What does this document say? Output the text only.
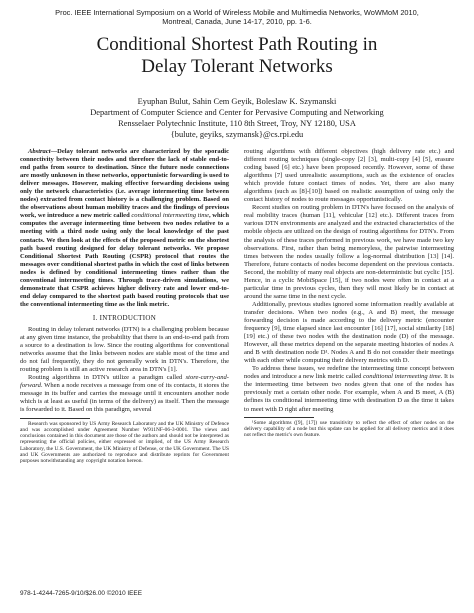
Proc. IEEE International Symposium on a World of Wireless Mobile and Multimedia Networks, WoWMoM 2010,
Montreal, Canada, June 14-17, 2010, pp. 1-6.
Conditional Shortest Path Routing in
Delay Tolerant Networks
Eyuphan Bulut, Sahin Cem Geyik, Boleslaw K. Szymanski
Department of Computer Science and Center for Pervasive Computing and Networking
Rensselaer Polytechnic Institute, 110 8th Street, Troy, NY 12180, USA
{bulute, geyiks, szymansk}@cs.rpi.edu

Abstract—Delay tolerant networks are characterized by the sporadic connectivity between their nodes and therefore the lack of stable end-to-end paths from source to destination. Since the future node connections are mostly unknown in these networks, opportunistic forwarding is used to deliver messages. However, making effective forwarding decisions using only the network characteristics (i.e. average intermeeting time between nodes) extracted from contact history is a challenging problem. Based on the observations about human mobility traces and the findings of previous work, we introduce a new metric called conditional intermeeting time, which computes the average intermeeting time between two nodes relative to a meeting with a third node using only the local knowledge of the past contacts. We then look at the effects of the proposed metric on the shortest path based routing designed for delay tolerant networks. We propose Conditional Shortest Path Routing (CSPR) protocol that routes the messages over conditional shortest paths in which the cost of links between nodes is defined by conditional intermeeting times rather than the conventional intermeeting times. Through trace-driven simulations, we demonstrate that CSPR achieves higher delivery rate and lower end-to-end delay compared to the shortest path based routing protocols that use the conventional intermeeting time as the link metric.

I. INTRODUCTION

Routing in delay tolerant networks (DTN) is a challenging problem because at any given time instance, the probability that there is an end-to-end path from a source to a destination is low. Since the routing algorithms for conventional networks assume that the links between nodes are stable most of the time and do not fail frequently, they do not generally work in DTN's. Therefore, the routing problem is still an active research area in DTN's [1].

Routing algorithms in DTN's utilize a paradigm called store-carry-and-forward. When a node receives a message from one of its contacts, it stores the message in its buffer and carries the message until it encounters another node which is at least as useful (in terms of the delivery) as itself. Then the message is forwarded to it. Based on this paradigm, several

Research was sponsored by US Army Research Laboratory and the UK Ministry of Defence and was accomplished under Agreement Number W911NF-06-3-0001. The views and conclusions contained in this document are those of the authors and should not be interpreted as representing the official policies, either expressed or implied, of the US Army Research Laboratory, the U.S. Government, the UK Ministry of Defense, or the UK Government. The US and UK Governments are authorized to reproduce and distribute reprints for Government purposes notwithstanding any copyright notation hereon.

routing algorithms with different objectives (high delivery rate etc.) and different routing techniques (single-copy [2] [3], multi-copy [4] [5], erasure coding based [6] etc.) have been proposed recently. However, some of these algorithms [7] used unrealistic assumptions, such as the existence of oracles which provide future contact times of nodes. Yet, there are also many algorithms (such as [8]-[10]) based on realistic assumption of using only the contact history of nodes to route messages opportunistically.

Recent studies on routing problem in DTN's have focused on the analysis of real mobility traces (human [11], vehicular [12] etc.). Different traces from various DTN environments are analyzed and the extracted characteristics of the mobile objects are utilized on the design of routing algorithms for DTN's. From the analysis of these traces performed in previous work, we have made two key observations. First, rather than being memoryless, the pairwise intermeeting times between the nodes usually follow a log-normal distribution [13] [14]. Therefore, future contacts of nodes become dependent on the previous contacts. Second, the mobility of many real objects are non-deterministic but cyclic [15]. Hence, in a cyclic MobiSpace [15], if two nodes were often in contact at a particular time in previous cycles, then they will most likely be in contact at around the same time in the next cycle.

Additionally, previous studies ignored some information readily available at transfer decisions. When two nodes (e.g., A and B) meet, the message forwarding decision is made according to the delivery metric (encounter frequency [9], time elapsed since last encounter [16] [17], social similarity [18] [19] etc.) of these two nodes with the destination node (D) of the message. However, all these metrics depend on the separate meeting histories of nodes A and B with destination node D¹. Nodes A and B do not consider their meetings with each other while computing their delivery metrics with D.

To address these issues, we redefine the intermeeting time concept between nodes and introduce a new link metric called conditional intermeeting time. It is the intermeeting time between two nodes given that one of the nodes has previously met a certain other node. For example, when A and B meet, A (B) defines its conditional intermeeting time with destination D as the time it takes to meet with D right after meeting

¹Some algorithms ([9], [17]) use transitivity to reflect the effect of other nodes on the delivery capability of a node but this update can be applied for all delivery metrics and it does not reflect the metric's own feature.

978-1-4244-7265-9/10/$26.00 ©2010 IEEE
